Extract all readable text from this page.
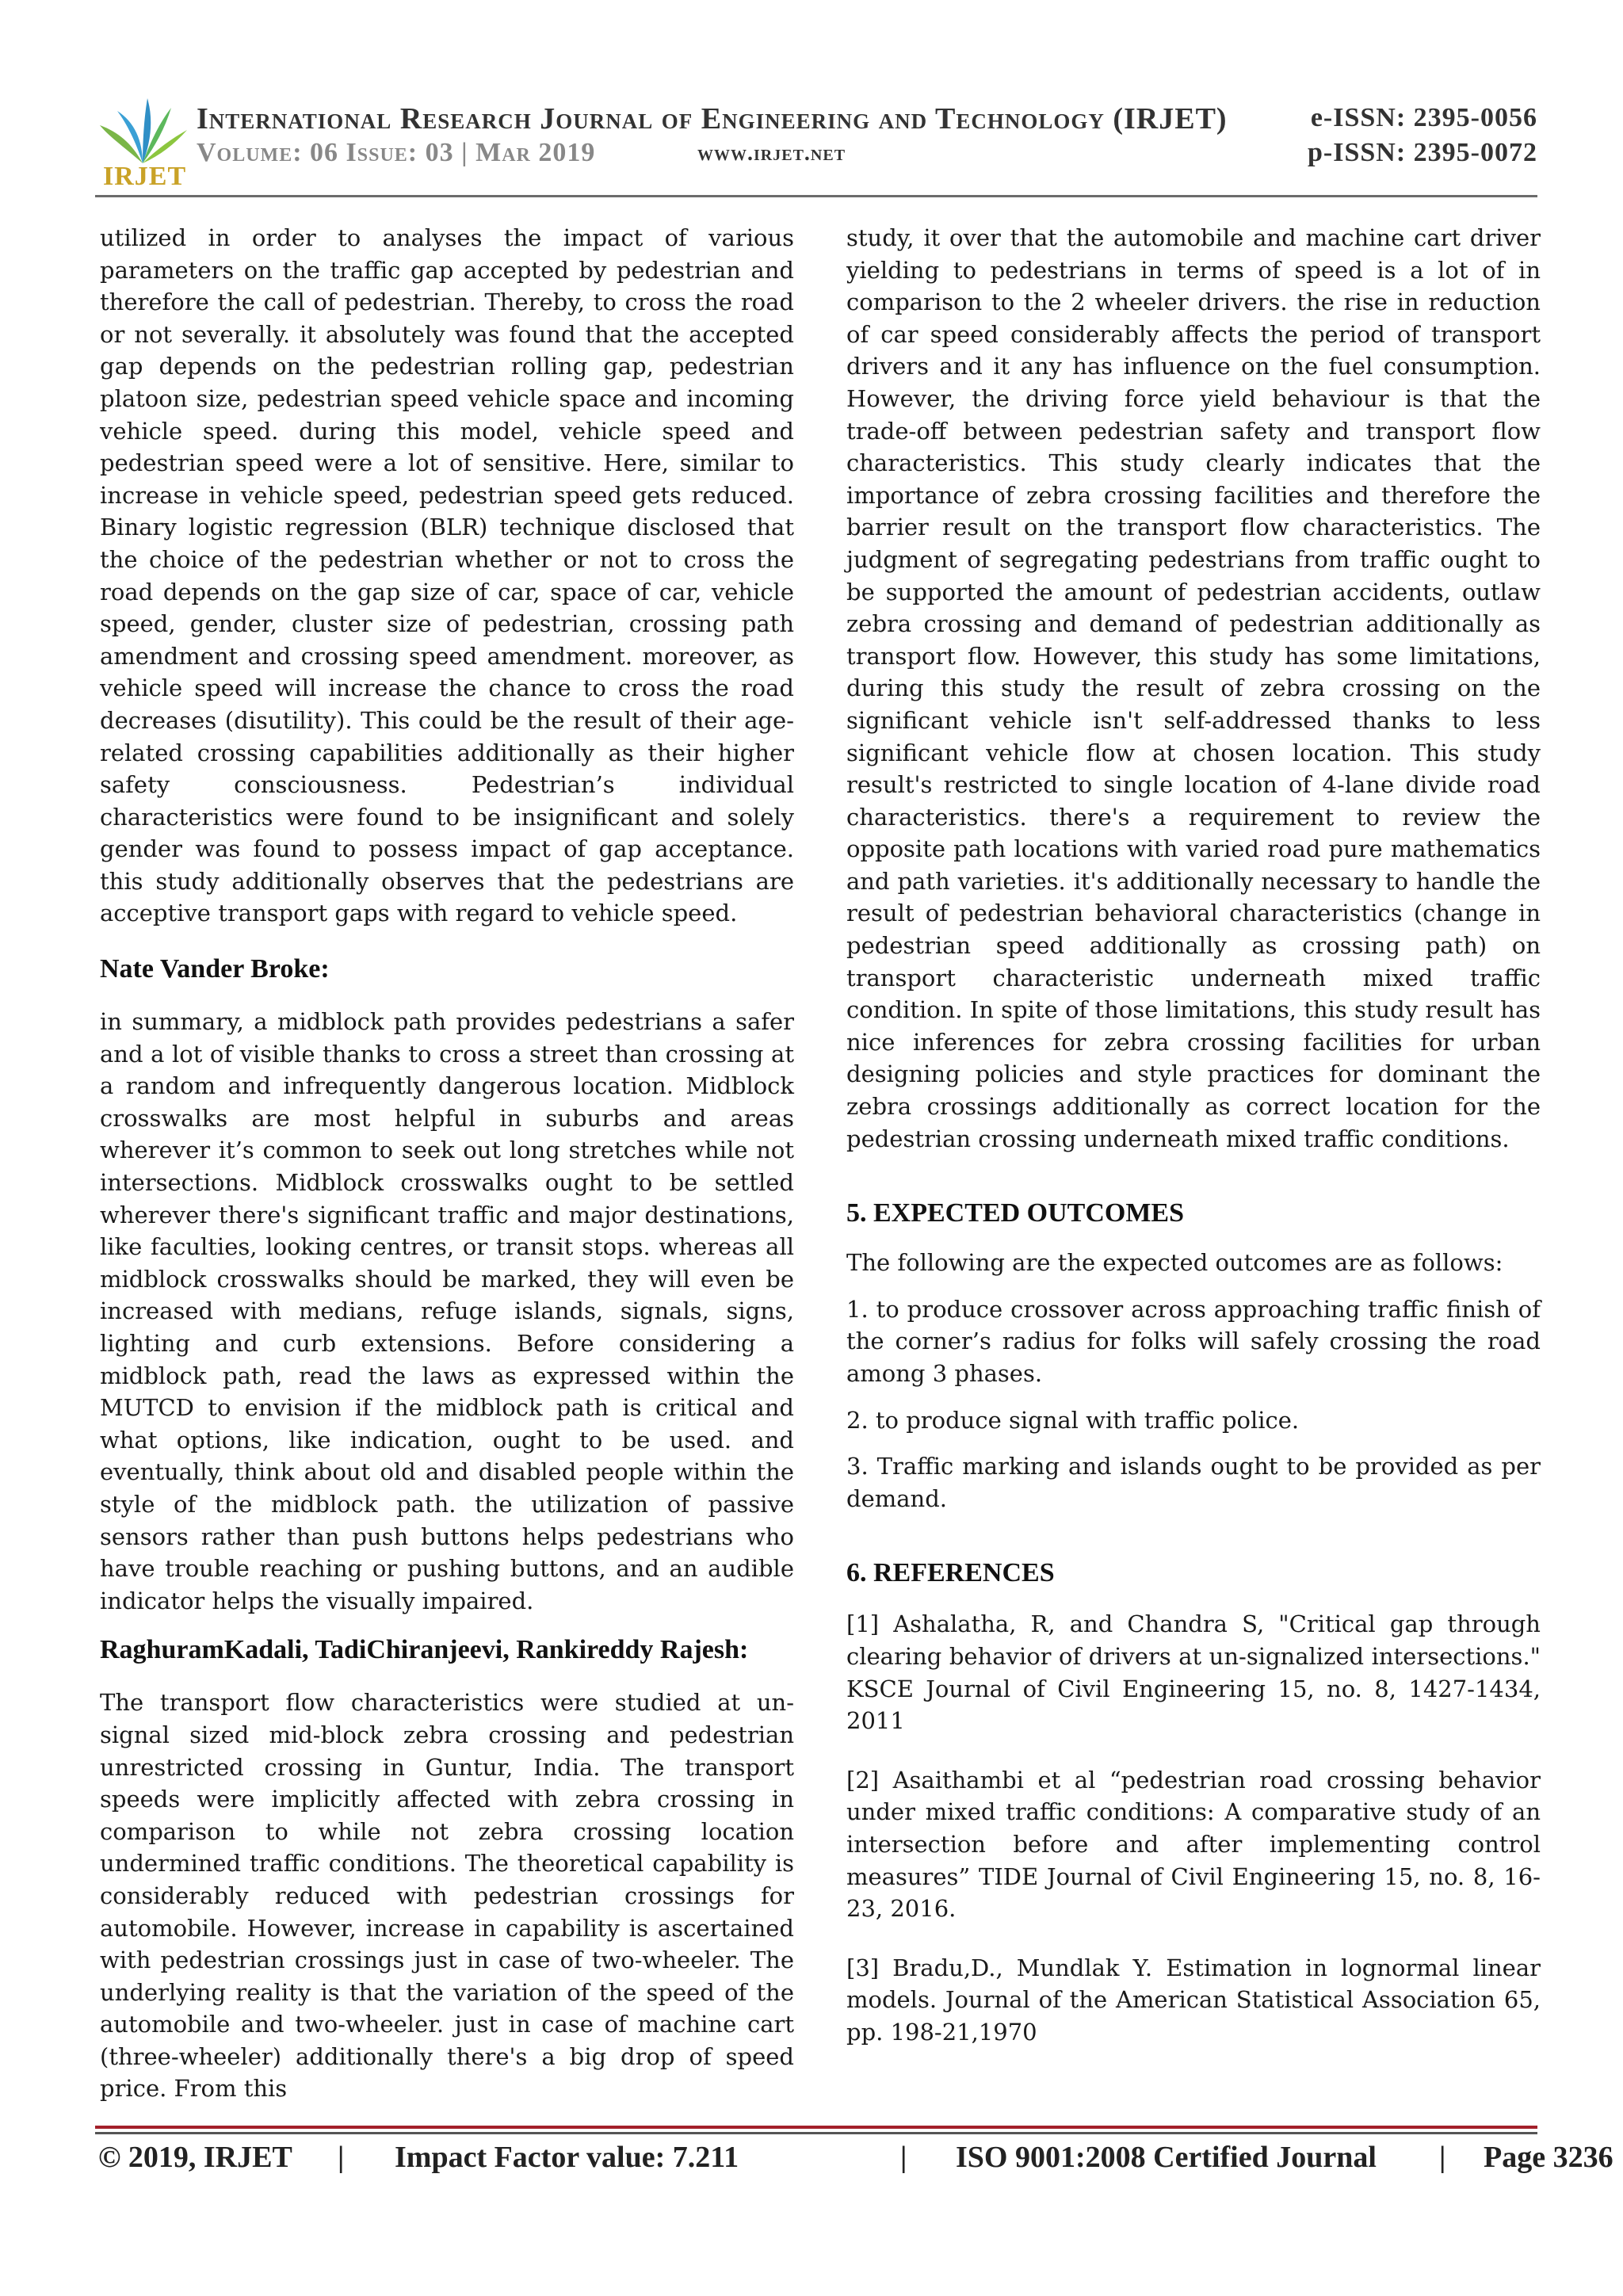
IRJET
International Research Journal of Engineering and Technology (IRJET)
Volume: 06 Issue: 03 | Mar 2019	www.irjet.net
e-ISSN: 2395-0056
p-ISSN: 2395-0072

utilized in order to analyses the impact of various parameters on the traffic gap accepted by pedestrian and therefore the call of pedestrian. Thereby, to cross the road or not severally. it absolutely was found that the accepted gap depends on the pedestrian rolling gap, pedestrian platoon size, pedestrian speed vehicle space and incoming vehicle speed. during this model, vehicle speed and pedestrian speed were a lot of sensitive. Here, similar to increase in vehicle speed, pedestrian speed gets reduced. Binary logistic regression (BLR) technique disclosed that the choice of the pedestrian whether or not to cross the road depends on the gap size of car, space of car, vehicle speed, gender, cluster size of pedestrian, crossing path amendment and crossing speed amendment. moreover, as vehicle speed will increase the chance to cross the road decreases (disutility). This could be the result of their age-related crossing capabilities additionally as their higher safety consciousness. Pedestrian’s individual characteristics were found to be insignificant and solely gender was found to possess impact of gap acceptance. this study additionally observes that the pedestrians are acceptive transport gaps with regard to vehicle speed.

Nate Vander Broke:

in summary, a midblock path provides pedestrians a safer and a lot of visible thanks to cross a street than crossing at a random and infrequently dangerous location. Midblock crosswalks are most helpful in suburbs and areas wherever it’s common to seek out long stretches while not intersections. Midblock crosswalks ought to be settled wherever there's significant traffic and major destinations, like faculties, looking centres, or transit stops. whereas all midblock crosswalks should be marked, they will even be increased with medians, refuge islands, signals, signs, lighting and curb extensions. Before considering a midblock path, read the laws as expressed within the MUTCD to envision if the midblock path is critical and what options, like indication, ought to be used. and eventually, think about old and disabled people within the style of the midblock path. the utilization of passive sensors rather than push buttons helps pedestrians who have trouble reaching or pushing buttons, and an audible indicator helps the visually impaired.

RaghuramKadali, TadiChiranjeevi, Rankireddy Rajesh:

The transport flow characteristics were studied at un- signal sized mid-block zebra crossing and pedestrian unrestricted crossing in Guntur, India. The transport speeds were implicitly affected with zebra crossing in comparison to while not zebra crossing location undermined traffic conditions. The theoretical capability is considerably reduced with pedestrian crossings for automobile. However, increase in capability is ascertained with pedestrian crossings just in case of two-wheeler. The underlying reality is that the variation of the speed of the automobile and two-wheeler. just in case of machine cart (three-wheeler) additionally there's a big drop of speed price. From this

study, it over that the automobile and machine cart driver yielding to pedestrians in terms of speed is a lot of in comparison to the 2 wheeler drivers. the rise in reduction of car speed considerably affects the period of transport drivers and it any has influence on the fuel consumption. However, the driving force yield behaviour is that the trade-off between pedestrian safety and transport flow characteristics. This study clearly indicates that the importance of zebra crossing facilities and therefore the barrier result on the transport flow characteristics. The judgment of segregating pedestrians from traffic ought to be supported the amount of pedestrian accidents, outlaw zebra crossing and demand of pedestrian additionally as transport flow. However, this study has some limitations, during this study the result of zebra crossing on the significant vehicle isn't self-addressed thanks to less significant vehicle flow at chosen location. This study result's restricted to single location of 4-lane divide road characteristics. there's a requirement to review the opposite path locations with varied road pure mathematics and path varieties. it's additionally necessary to handle the result of pedestrian behavioral characteristics (change in pedestrian speed additionally as crossing path) on transport characteristic underneath mixed traffic condition. In spite of those limitations, this study result has nice inferences for zebra crossing facilities for urban designing policies and style practices for dominant the zebra crossings additionally as correct location for the pedestrian crossing underneath mixed traffic conditions.

5. EXPECTED OUTCOMES

The following are the expected outcomes are as follows:

1. to produce crossover across approaching traffic finish of the corner’s radius for folks will safely crossing the road among 3 phases.

2. to produce signal with traffic police.

3. Traffic marking and islands ought to be provided as per demand.

6. REFERENCES

[1] Ashalatha, R, and Chandra S, "Critical gap through clearing behavior of drivers at un-signalized intersections." KSCE Journal of Civil Engineering 15, no. 8, 1427-1434, 2011

[2] Asaithambi et al “pedestrian road crossing behavior under mixed traffic conditions: A comparative study of an intersection before and after implementing control measures” TIDE Journal of Civil Engineering 15, no. 8, 16-23, 2016.

[3] Bradu,D., Mundlak Y. Estimation in lognormal linear models. Journal of the American Statistical Association 65, pp. 198-21,1970

© 2019, IRJET | Impact Factor value: 7.211	| ISO 9001:2008 Certified Journal | Page 3236
